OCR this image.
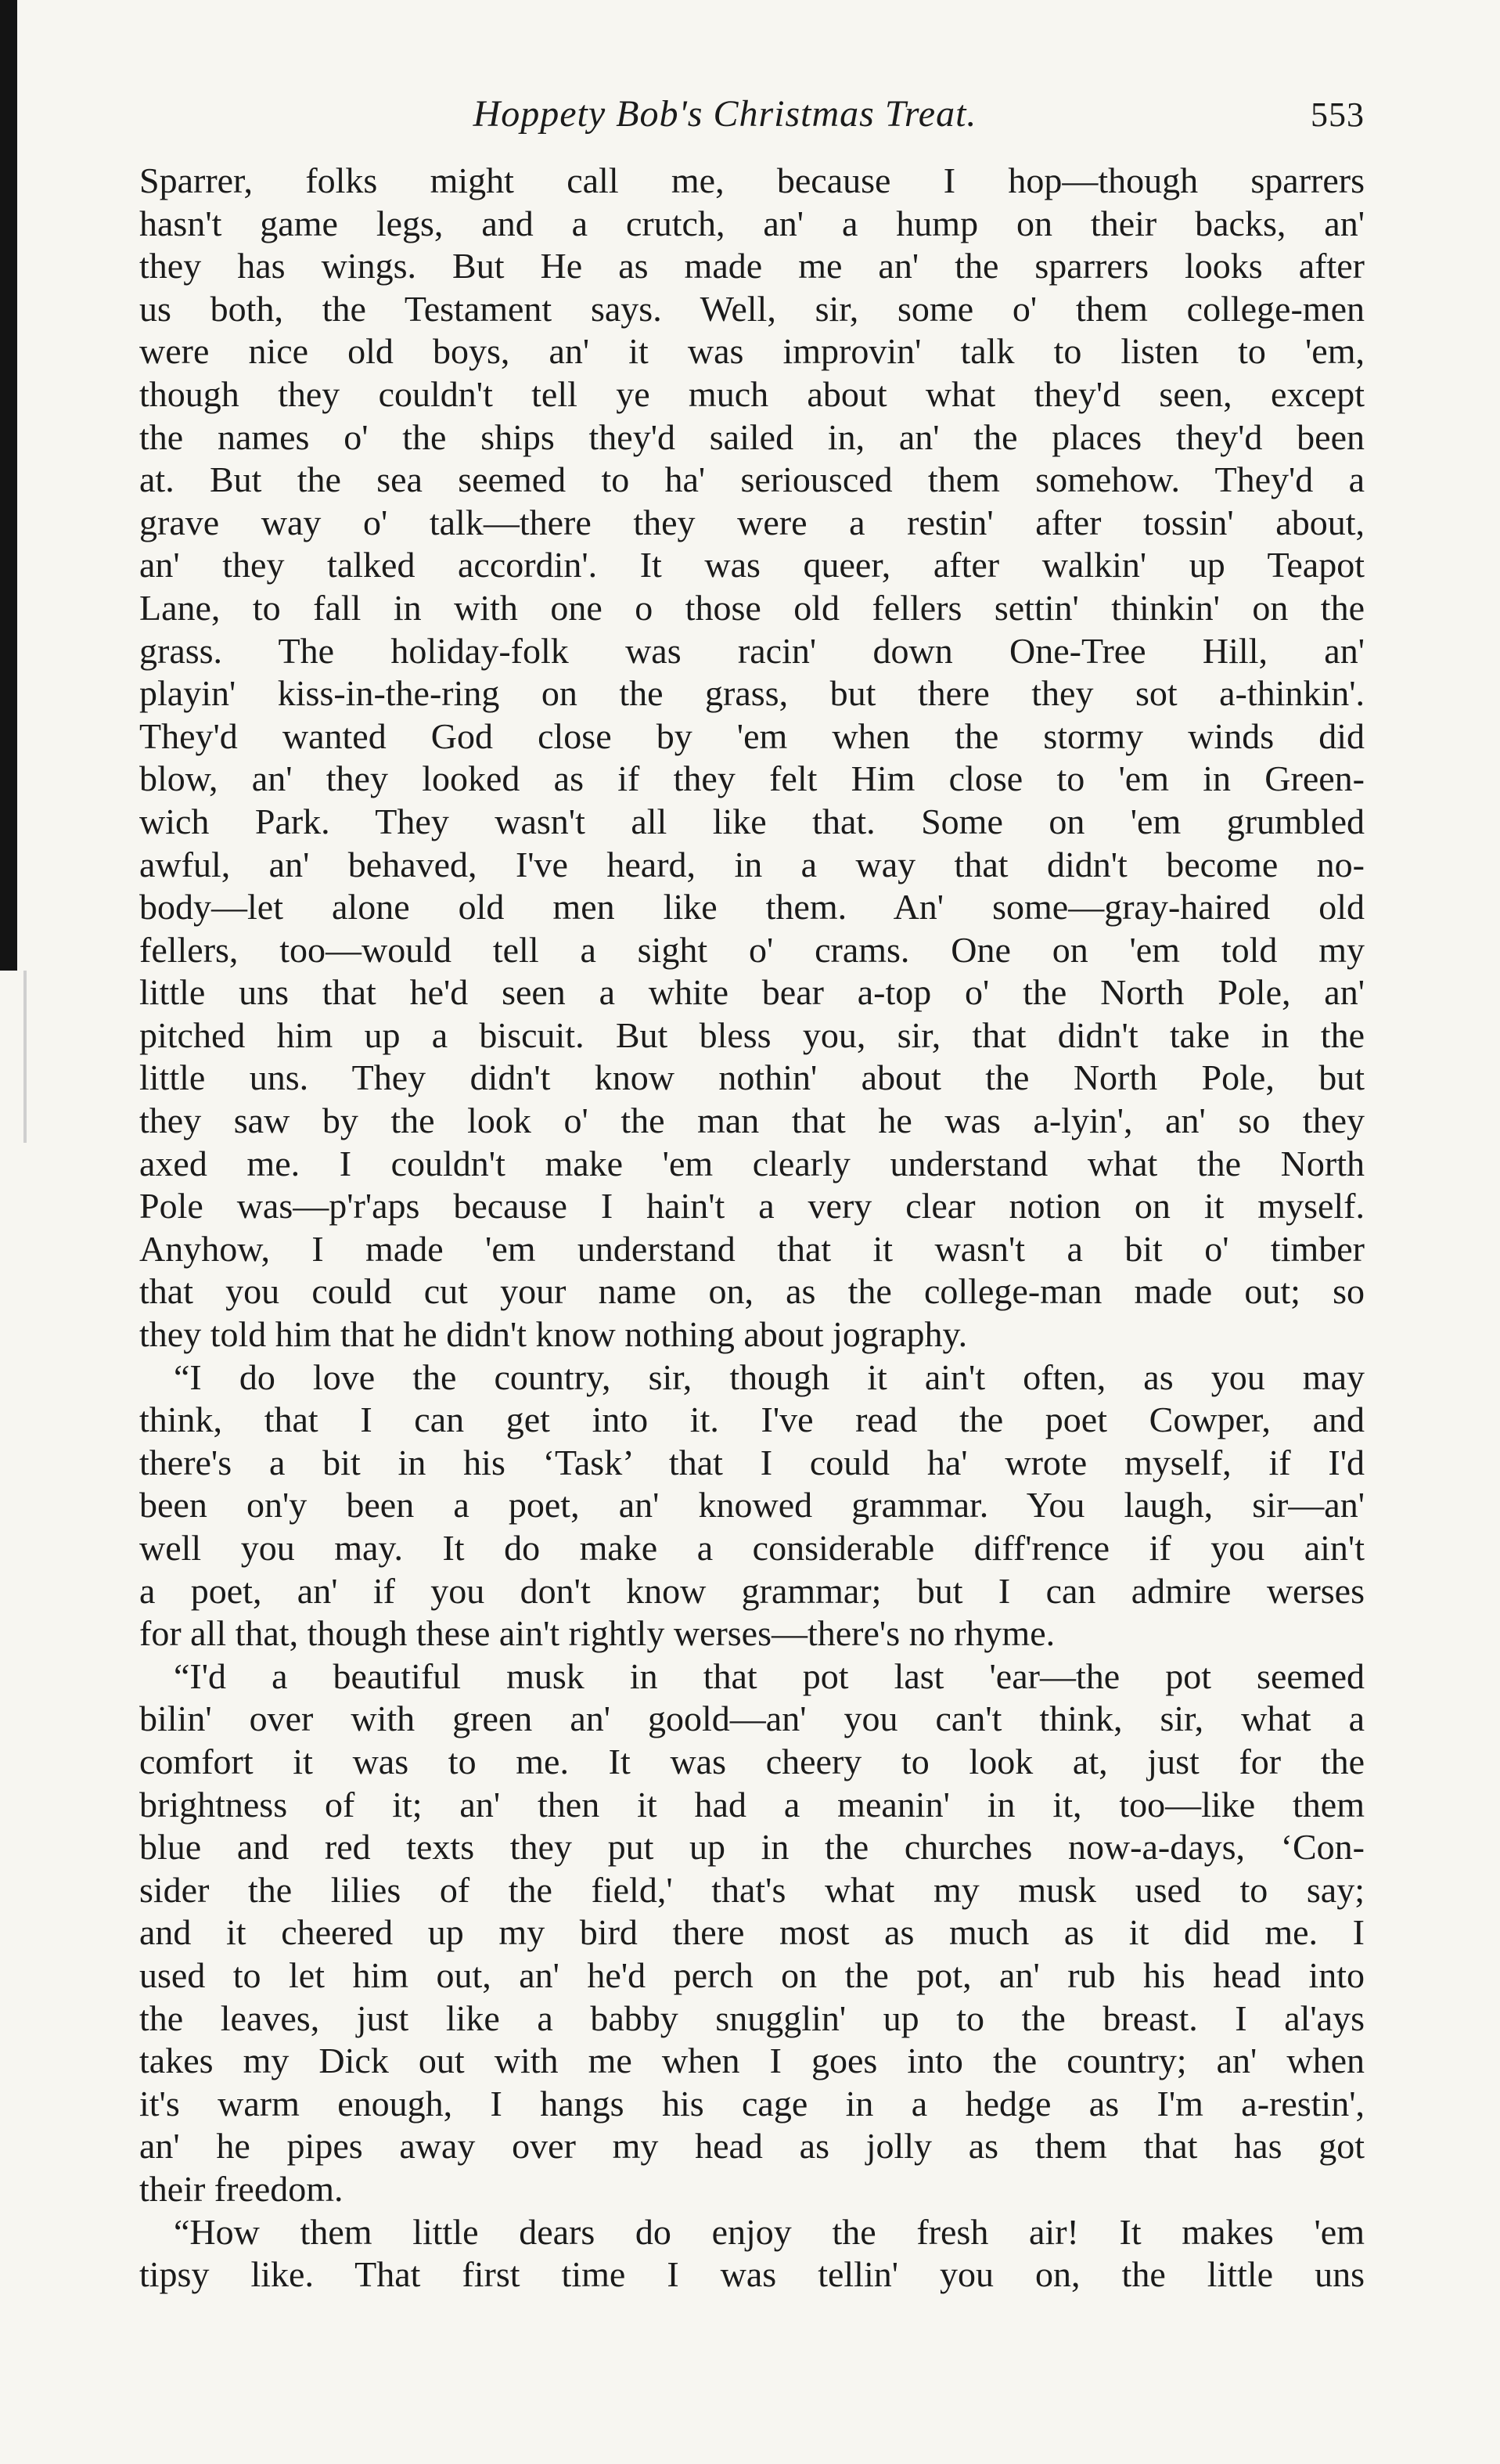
Hoppety Bob's Christmas Treat.	553
Sparrer, folks might call me, because I hop—though sparrers
hasn't game legs, and a crutch, an' a hump on their backs, an'
they has wings. But He as made me an' the sparrers looks after
us both, the Testament says. Well, sir, some o' them college-men
were nice old boys, an' it was improvin' talk to listen to 'em,
though they couldn't tell ye much about what they'd seen, except
the names o' the ships they'd sailed in, an' the places they'd been
at. But the sea seemed to ha' seriousced them somehow. They'd a
grave way o' talk—there they were a restin' after tossin' about,
an' they talked accordin'. It was queer, after walkin' up Teapot
Lane, to fall in with one o those old fellers settin' thinkin' on the
grass. The holiday-folk was racin' down One-Tree Hill, an'
playin' kiss-in-the-ring on the grass, but there they sot a-thinkin'.
They'd wanted God close by 'em when the stormy winds did
blow, an' they looked as if they felt Him close to 'em in Green-
wich Park. They wasn't all like that. Some on 'em grumbled
awful, an' behaved, I've heard, in a way that didn't become no-
body—let alone old men like them. An' some—gray-haired old
fellers, too—would tell a sight o' crams. One on 'em told my
little uns that he'd seen a white bear a-top o' the North Pole, an'
pitched him up a biscuit. But bless you, sir, that didn't take in the
little uns. They didn't know nothin' about the North Pole, but
they saw by the look o' the man that he was a-lyin', an' so they
axed me. I couldn't make 'em clearly understand what the North
Pole was—p'r'aps because I hain't a very clear notion on it myself.
Anyhow, I made 'em understand that it wasn't a bit o' timber
that you could cut your name on, as the college-man made out; so
they told him that he didn't know nothing about jography.
“I do love the country, sir, though it ain't often, as you may
think, that I can get into it. I've read the poet Cowper, and
there's a bit in his ‘Task’ that I could ha' wrote myself, if I'd
been on'y been a poet, an' knowed grammar. You laugh, sir—an'
well you may. It do make a considerable diff'rence if you ain't
a poet, an' if you don't know grammar; but I can admire werses
for all that, though these ain't rightly werses—there's no rhyme.
“I'd a beautiful musk in that pot last 'ear—the pot seemed
bilin' over with green an' goold—an' you can't think, sir, what a
comfort it was to me. It was cheery to look at, just for the
brightness of it; an' then it had a meanin' in it, too—like them
blue and red texts they put up in the churches now-a-days, ‘Con-
sider the lilies of the field,' that's what my musk used to say;
and it cheered up my bird there most as much as it did me. I
used to let him out, an' he'd perch on the pot, an' rub his head into
the leaves, just like a babby snugglin' up to the breast. I al'ays
takes my Dick out with me when I goes into the country; an' when
it's warm enough, I hangs his cage in a hedge as I'm a-restin',
an' he pipes away over my head as jolly as them that has got
their freedom.
“How them little dears do enjoy the fresh air! It makes 'em
tipsy like. That first time I was tellin' you on, the little uns
